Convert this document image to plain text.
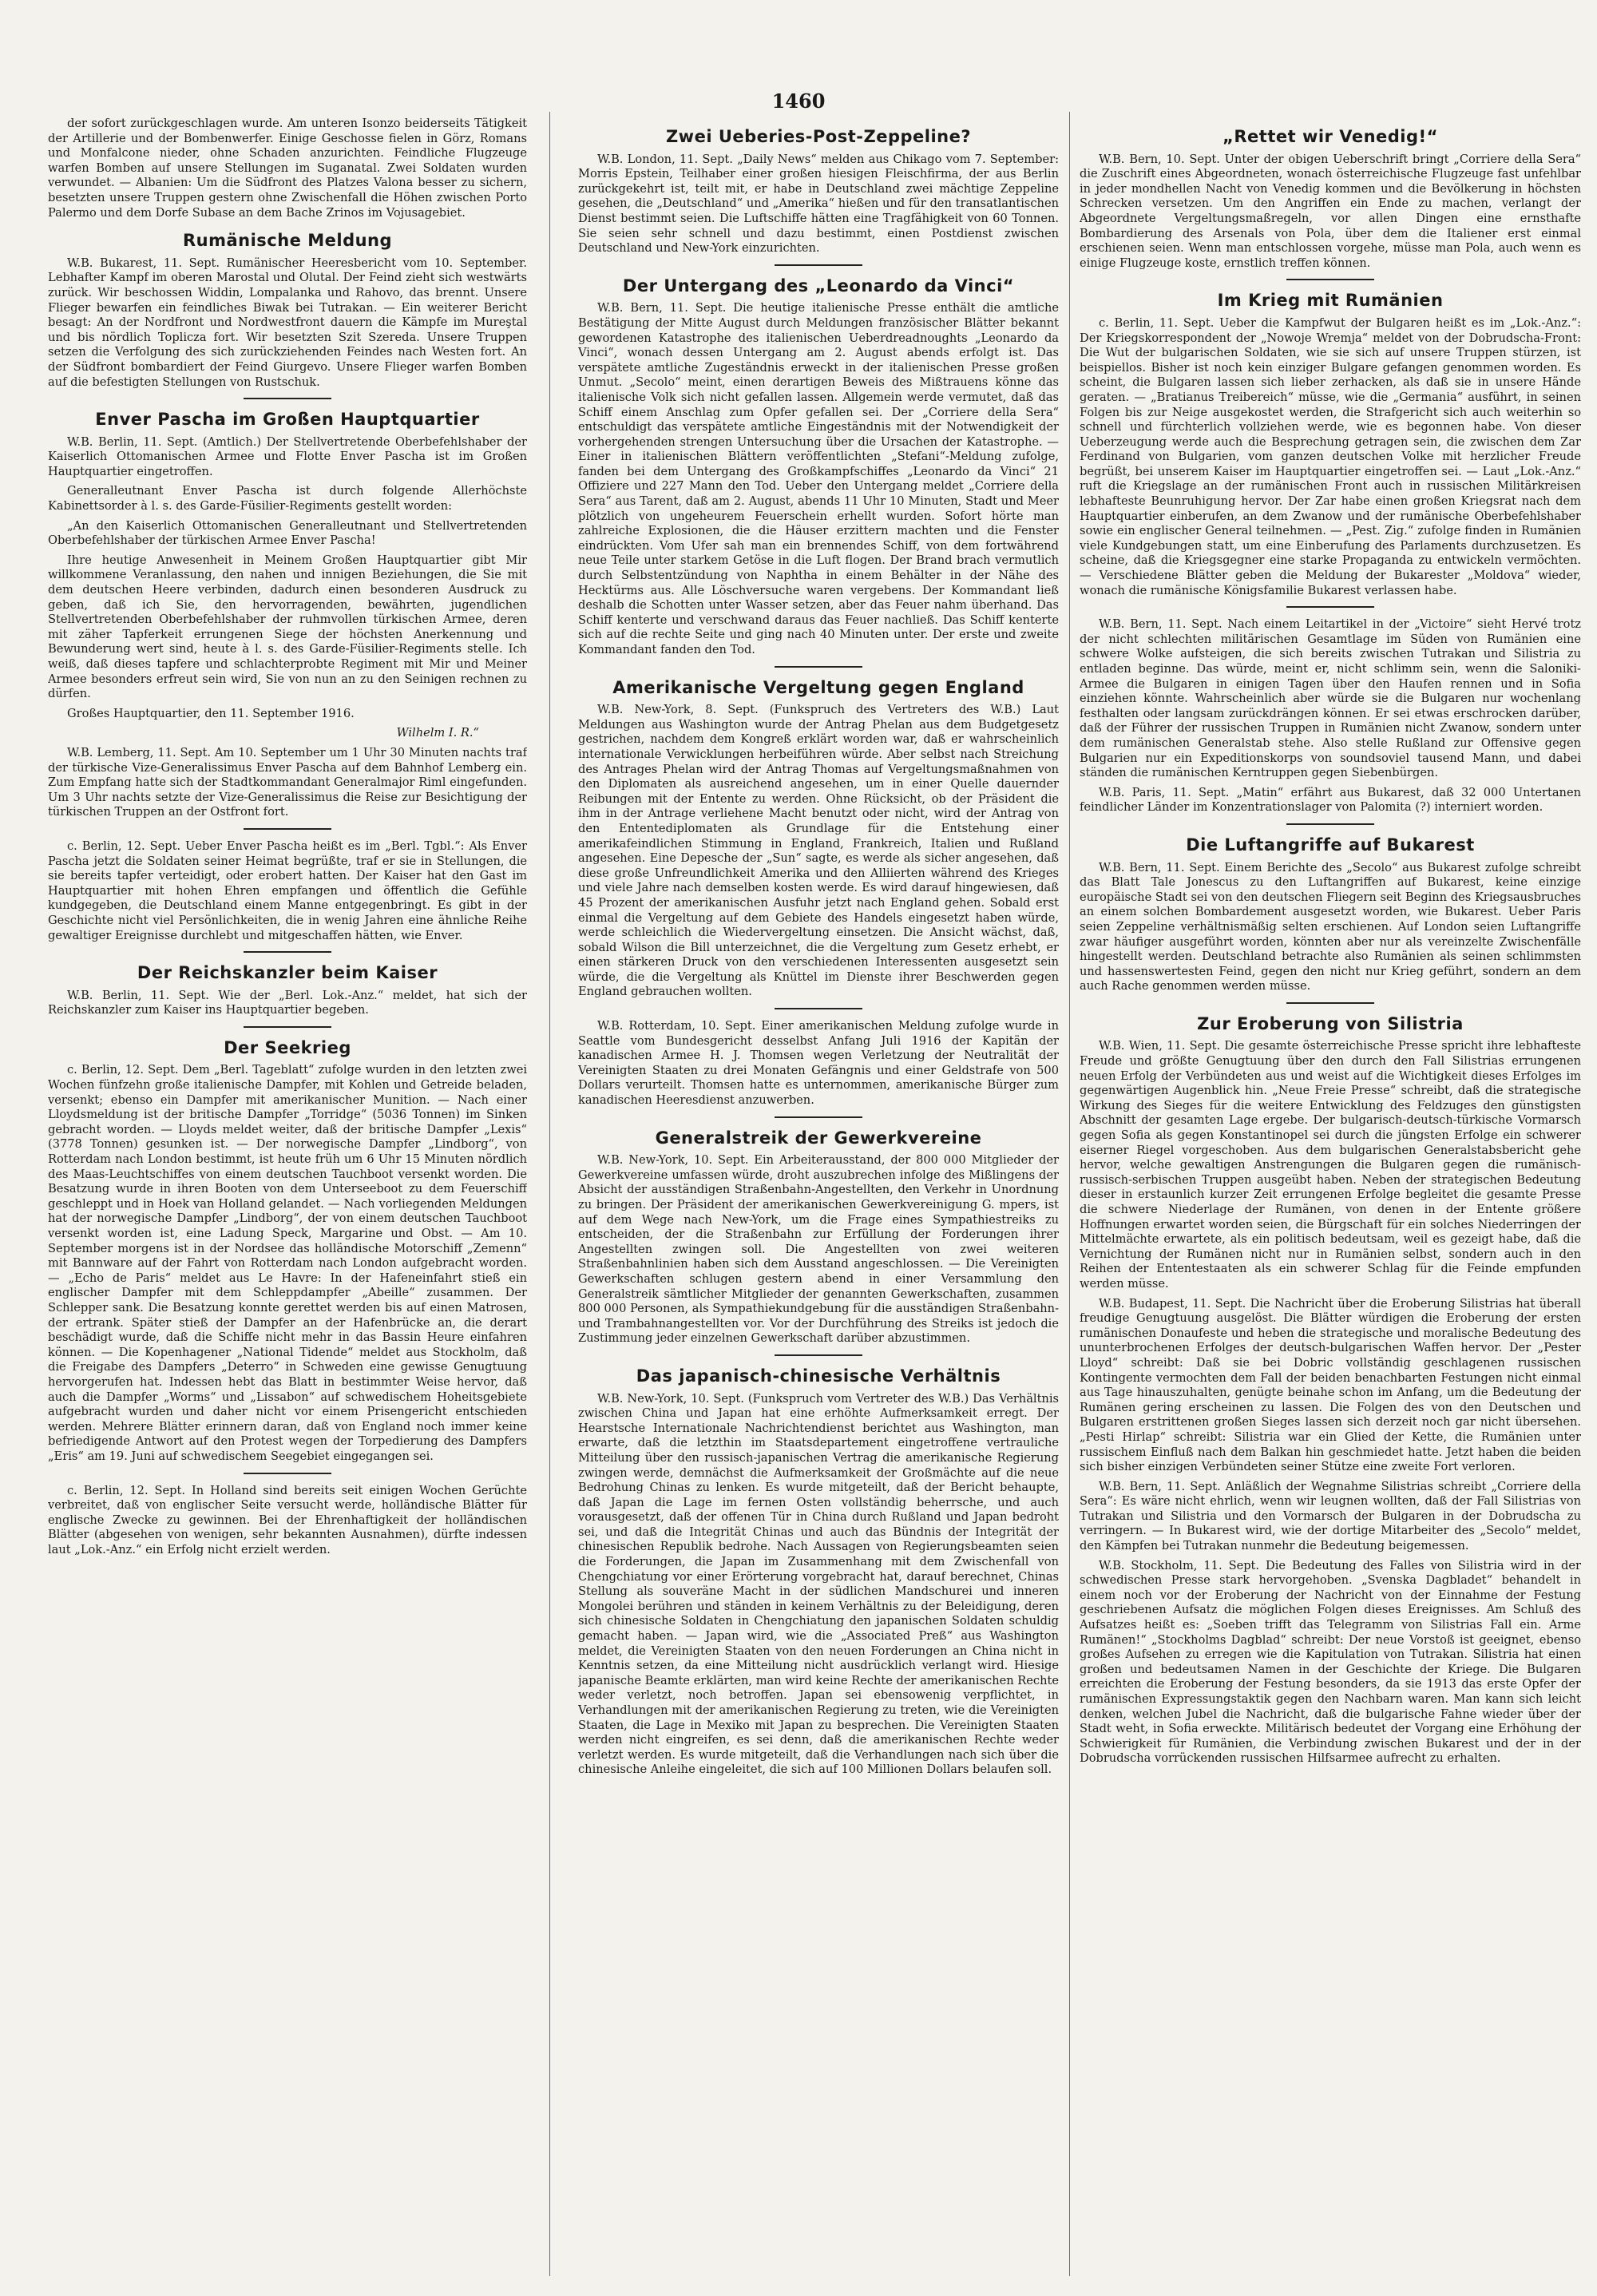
1460

der sofort zurückgeschlagen wurde. Am unteren Isonzo beiderseits Tätigkeit der Artillerie und der Bombenwerfer. Einige Geschosse fielen in Görz, Romans und Monfalcone nieder, ohne Schaden anzurichten. Feindliche Flugzeuge warfen Bomben auf unsere Stellungen im Suganatal. Zwei Soldaten wurden verwundet. — Albanien: Um die Südfront des Platzes Valona besser zu sichern, besetzten unsere Truppen gestern ohne Zwischenfall die Höhen zwischen Porto Palermo und dem Dorfe Subase an dem Bache Zrinos im Vojusagebiet.

Rumänische Meldung

W.B. Bukarest, 11. Sept. Rumänischer Heeresbericht vom 10. September. Lebhafter Kampf im oberen Marostal und Olutal. Der Feind zieht sich westwärts zurück. Wir beschossen Widdin, Lompalanka und Rahovo, das brennt. Unsere Flieger bewarfen ein feindliches Biwak bei Tutrakan. — Ein weiterer Bericht besagt: An der Nordfront und Nordwestfront dauern die Kämpfe im Mureştal und bis nördlich Toplicza fort. Wir besetzten Szit Szereda. Unsere Truppen setzen die Verfolgung des sich zurückziehenden Feindes nach Westen fort. An der Südfront bombardiert der Feind Giurgevo. Unsere Flieger warfen Bomben auf die befestigten Stellungen von Rustschuk.

Enver Pascha im Großen Hauptquartier

W.B. Berlin, 11. Sept. (Amtlich.) Der Stellvertretende Oberbefehlshaber der Kaiserlich Ottomanischen Armee und Flotte Enver Pascha ist im Großen Hauptquartier eingetroffen.

Generalleutnant Enver Pascha ist durch folgende Allerhöchste Kabinettsorder à l. s. des Garde-Füsilier-Regiments gestellt worden:

„An den Kaiserlich Ottomanischen Generalleutnant und Stellvertretenden Oberbefehlshaber der türkischen Armee Enver Pascha!

Ihre heutige Anwesenheit in Meinem Großen Hauptquartier gibt Mir willkommene Veranlassung, den nahen und innigen Beziehungen, die Sie mit dem deutschen Heere verbinden, dadurch einen besonderen Ausdruck zu geben, daß ich Sie, den hervorragenden, bewährten, jugendlichen Stellvertretenden Oberbefehlshaber der ruhmvollen türkischen Armee, deren mit zäher Tapferkeit errungenen Siege der höchsten Anerkennung und Bewunderung wert sind, heute à l. s. des Garde-Füsilier-Regiments stelle. Ich weiß, daß dieses tapfere und schlachterprobte Regiment mit Mir und Meiner Armee besonders erfreut sein wird, Sie von nun an zu den Seinigen rechnen zu dürfen.

Großes Hauptquartier, den 11. September 1916.

Wilhelm I. R.“

W.B. Lemberg, 11. Sept. Am 10. September um 1 Uhr 30 Minuten nachts traf der türkische Vize-Generalissimus Enver Pascha auf dem Bahnhof Lemberg ein. Zum Empfang hatte sich der Stadtkommandant Generalmajor Riml eingefunden. Um 3 Uhr nachts setzte der Vize-Generalissimus die Reise zur Besichtigung der türkischen Truppen an der Ostfront fort.

c. Berlin, 12. Sept. Ueber Enver Pascha heißt es im „Berl. Tgbl.“: Als Enver Pascha jetzt die Soldaten seiner Heimat begrüßte, traf er sie in Stellungen, die sie bereits tapfer verteidigt, oder erobert hatten. Der Kaiser hat den Gast im Hauptquartier mit hohen Ehren empfangen und öffentlich die Gefühle kundgegeben, die Deutschland einem Manne entgegenbringt. Es gibt in der Geschichte nicht viel Persönlichkeiten, die in wenig Jahren eine ähnliche Reihe gewaltiger Ereignisse durchlebt und mitgeschaffen hätten, wie Enver.

Der Reichskanzler beim Kaiser

W.B. Berlin, 11. Sept. Wie der „Berl. Lok.-Anz.“ meldet, hat sich der Reichskanzler zum Kaiser ins Hauptquartier begeben.

Der Seekrieg

c. Berlin, 12. Sept. Dem „Berl. Tageblatt“ zufolge wurden in den letzten zwei Wochen fünfzehn große italienische Dampfer, mit Kohlen und Getreide beladen, versenkt; ebenso ein Dampfer mit amerikanischer Munition. — Nach einer Lloydsmeldung ist der britische Dampfer „Torridge“ (5036 Tonnen) im Sinken gebracht worden. — Lloyds meldet weiter, daß der britische Dampfer „Lexis“ (3778 Tonnen) gesunken ist. — Der norwegische Dampfer „Lindborg“, von Rotterdam nach London bestimmt, ist heute früh um 6 Uhr 15 Minuten nördlich des Maas-Leuchtschiffes von einem deutschen Tauchboot versenkt worden. Die Besatzung wurde in ihren Booten von dem Unterseeboot zu dem Feuerschiff geschleppt und in Hoek van Holland gelandet. — Nach vorliegenden Meldungen hat der norwegische Dampfer „Lindborg“, der von einem deutschen Tauchboot versenkt worden ist, eine Ladung Speck, Margarine und Obst. — Am 10. September morgens ist in der Nordsee das holländische Motorschiff „Zemenn“ mit Bannware auf der Fahrt von Rotterdam nach London aufgebracht worden. — „Echo de Paris“ meldet aus Le Havre: In der Hafeneinfahrt stieß ein englischer Dampfer mit dem Schleppdampfer „Abeille“ zusammen. Der Schlepper sank. Die Besatzung konnte gerettet werden bis auf einen Matrosen, der ertrank. Später stieß der Dampfer an der Hafenbrücke an, die derart beschädigt wurde, daß die Schiffe nicht mehr in das Bassin Heure einfahren können. — Die Kopenhagener „National Tidende“ meldet aus Stockholm, daß die Freigabe des Dampfers „Deterro“ in Schweden eine gewisse Genugtuung hervorgerufen hat. Indessen hebt das Blatt in bestimmter Weise hervor, daß auch die Dampfer „Worms“ und „Lissabon“ auf schwedischem Hoheitsgebiete aufgebracht wurden und daher nicht vor einem Prisengericht entschieden werden. Mehrere Blätter erinnern daran, daß von England noch immer keine befriedigende Antwort auf den Protest wegen der Torpedierung des Dampfers „Eris“ am 19. Juni auf schwedischem Seegebiet eingegangen sei.

c. Berlin, 12. Sept. In Holland sind bereits seit einigen Wochen Gerüchte verbreitet, daß von englischer Seite versucht werde, holländische Blätter für englische Zwecke zu gewinnen. Bei der Ehrenhaftigkeit der holländischen Blätter (abgesehen von wenigen, sehr bekannten Ausnahmen), dürfte indessen laut „Lok.-Anz.“ ein Erfolg nicht erzielt werden.

Zwei Ueberies-Post-Zeppeline?

W.B. London, 11. Sept. „Daily News“ melden aus Chikago vom 7. September: Morris Epstein, Teilhaber einer großen hiesigen Fleischfirma, der aus Berlin zurückgekehrt ist, teilt mit, er habe in Deutschland zwei mächtige Zeppeline gesehen, die „Deutschland“ und „Amerika“ hießen und für den transatlantischen Dienst bestimmt seien. Die Luftschiffe hätten eine Tragfähigkeit von 60 Tonnen. Sie seien sehr schnell und dazu bestimmt, einen Postdienst zwischen Deutschland und New-York einzurichten.

Der Untergang des „Leonardo da Vinci“

W.B. Bern, 11. Sept. Die heutige italienische Presse enthält die amtliche Bestätigung der Mitte August durch Meldungen französischer Blätter bekannt gewordenen Katastrophe des italienischen Ueberdreadnoughts „Leonardo da Vinci“, wonach dessen Untergang am 2. August abends erfolgt ist. Das verspätete amtliche Zugeständnis erweckt in der italienischen Presse großen Unmut. „Secolo“ meint, einen derartigen Beweis des Mißtrauens könne das italienische Volk sich nicht gefallen lassen. Allgemein werde vermutet, daß das Schiff einem Anschlag zum Opfer gefallen sei. Der „Corriere della Sera“ entschuldigt das verspätete amtliche Eingeständnis mit der Notwendigkeit der vorhergehenden strengen Untersuchung über die Ursachen der Katastrophe. — Einer in italienischen Blättern veröffentlichten „Stefani“-Meldung zufolge, fanden bei dem Untergang des Großkampfschiffes „Leonardo da Vinci“ 21 Offiziere und 227 Mann den Tod. Ueber den Untergang meldet „Corriere della Sera“ aus Tarent, daß am 2. August, abends 11 Uhr 10 Minuten, Stadt und Meer plötzlich von ungeheurem Feuerschein erhellt wurden. Sofort hörte man zahlreiche Explosionen, die die Häuser erzittern machten und die Fenster eindrückten. Vom Ufer sah man ein brennendes Schiff, von dem fortwährend neue Teile unter starkem Getöse in die Luft flogen. Der Brand brach vermutlich durch Selbstentzündung von Naphtha in einem Behälter in der Nähe des Hecktürms aus. Alle Löschversuche waren vergebens. Der Kommandant ließ deshalb die Schotten unter Wasser setzen, aber das Feuer nahm überhand. Das Schiff kenterte und verschwand daraus das Feuer nachließ. Das Schiff kenterte sich auf die rechte Seite und ging nach 40 Minuten unter. Der erste und zweite Kommandant fanden den Tod.

Amerikanische Vergeltung gegen England

W.B. New-York, 8. Sept. (Funkspruch des Vertreters des W.B.) Laut Meldungen aus Washington wurde der Antrag Phelan aus dem Budgetgesetz gestrichen, nachdem dem Kongreß erklärt worden war, daß er wahrscheinlich internationale Verwicklungen herbeiführen würde. Aber selbst nach Streichung des Antrages Phelan wird der Antrag Thomas auf Vergeltungsmaßnahmen von den Diplomaten als ausreichend angesehen, um in einer Quelle dauernder Reibungen mit der Entente zu werden. Ohne Rücksicht, ob der Präsident die ihm in der Antrage verliehene Macht benutzt oder nicht, wird der Antrag von den Ententediplomaten als Grundlage für die Entstehung einer amerikafeindlichen Stimmung in England, Frankreich, Italien und Rußland angesehen. Eine Depesche der „Sun“ sagte, es werde als sicher angesehen, daß diese große Unfreundlichkeit Amerika und den Alliierten während des Krieges und viele Jahre nach demselben kosten werde. Es wird darauf hingewiesen, daß 45 Prozent der amerikanischen Ausfuhr jetzt nach England gehen. Sobald erst einmal die Vergeltung auf dem Gebiete des Handels eingesetzt haben würde, werde schleichlich die Wiedervergeltung einsetzen. Die Ansicht wächst, daß, sobald Wilson die Bill unterzeichnet, die die Vergeltung zum Gesetz erhebt, er einen stärkeren Druck von den verschiedenen Interessenten ausgesetzt sein würde, die die Vergeltung als Knüttel im Dienste ihrer Beschwerden gegen England gebrauchen wollten.

W.B. Rotterdam, 10. Sept. Einer amerikanischen Meldung zufolge wurde in Seattle vom Bundesgericht desselbst Anfang Juli 1916 der Kapitän der kanadischen Armee H. J. Thomsen wegen Verletzung der Neutralität der Vereinigten Staaten zu drei Monaten Gefängnis und einer Geldstrafe von 500 Dollars verurteilt. Thomsen hatte es unternommen, amerikanische Bürger zum kanadischen Heeresdienst anzuwerben.

Generalstreik der Gewerkvereine

W.B. New-York, 10. Sept. Ein Arbeiterausstand, der 800 000 Mitglieder der Gewerkvereine umfassen würde, droht auszubrechen infolge des Mißlingens der Absicht der ausständigen Straßenbahn-Angestellten, den Verkehr in Unordnung zu bringen. Der Präsident der amerikanischen Gewerkvereinigung G. mpers, ist auf dem Wege nach New-York, um die Frage eines Sympathiestreiks zu entscheiden, der die Straßenbahn zur Erfüllung der Forderungen ihrer Angestellten zwingen soll. Die Angestellten von zwei weiteren Straßenbahnlinien haben sich dem Ausstand angeschlossen. — Die Vereinigten Gewerkschaften schlugen gestern abend in einer Versammlung den Generalstreik sämtlicher Mitglieder der genannten Gewerkschaften, zusammen 800 000 Personen, als Sympathiekundgebung für die ausständigen Straßenbahn- und Trambahnangestellten vor. Vor der Durchführung des Streiks ist jedoch die Zustimmung jeder einzelnen Gewerkschaft darüber abzustimmen.

Das japanisch-chinesische Verhältnis

W.B. New-York, 10. Sept. (Funkspruch vom Vertreter des W.B.) Das Verhältnis zwischen China und Japan hat eine erhöhte Aufmerksamkeit erregt. Der Hearstsche Internationale Nachrichtendienst berichtet aus Washington, man erwarte, daß die letzthin im Staatsdepartement eingetroffene vertrauliche Mitteilung über den russisch-japanischen Vertrag die amerikanische Regierung zwingen werde, demnächst die Aufmerksamkeit der Großmächte auf die neue Bedrohung Chinas zu lenken. Es wurde mitgeteilt, daß der Bericht behaupte, daß Japan die Lage im fernen Osten vollständig beherrsche, und auch vorausgesetzt, daß der offenen Tür in China durch Rußland und Japan bedroht sei, und daß die Integrität Chinas und auch das Bündnis der Integrität der chinesischen Republik bedrohe. Nach Aussagen von Regierungsbeamten seien die Forderungen, die Japan im Zusammenhang mit dem Zwischenfall von Chengchiatung vor einer Erörterung vorgebracht hat, darauf berechnet, Chinas Stellung als souveräne Macht in der südlichen Mandschurei und inneren Mongolei berühren und ständen in keinem Verhältnis zu der Beleidigung, deren sich chinesische Soldaten in Chengchiatung den japanischen Soldaten schuldig gemacht haben. — Japan wird, wie die „Associated Preß“ aus Washington meldet, die Vereinigten Staaten von den neuen Forderungen an China nicht in Kenntnis setzen, da eine Mitteilung nicht ausdrücklich verlangt wird. Hiesige japanische Beamte erklärten, man wird keine Rechte der amerikanischen Rechte weder verletzt, noch betroffen. Japan sei ebensowenig verpflichtet, in Verhandlungen mit der amerikanischen Regierung zu treten, wie die Vereinigten Staaten, die Lage in Mexiko mit Japan zu besprechen. Die Vereinigten Staaten werden nicht eingreifen, es sei denn, daß die amerikanischen Rechte weder verletzt werden. Es wurde mitgeteilt, daß die Verhandlungen nach sich über die chinesische Anleihe eingeleitet, die sich auf 100 Millionen Dollars belaufen soll.

„Rettet wir Venedig!“

W.B. Bern, 10. Sept. Unter der obigen Ueberschrift bringt „Corriere della Sera“ die Zuschrift eines Abgeordneten, wonach österreichische Flugzeuge fast unfehlbar in jeder mondhellen Nacht von Venedig kommen und die Bevölkerung in höchsten Schrecken versetzen. Um den Angriffen ein Ende zu machen, verlangt der Abgeordnete Vergeltungsmaßregeln, vor allen Dingen eine ernsthafte Bombardierung des Arsenals von Pola, über dem die Italiener erst einmal erschienen seien. Wenn man entschlossen vorgehe, müsse man Pola, auch wenn es einige Flugzeuge koste, ernstlich treffen können.

Im Krieg mit Rumänien

c. Berlin, 11. Sept. Ueber die Kampfwut der Bulgaren heißt es im „Lok.-Anz.“: Der Kriegskorrespondent der „Nowoje Wremja“ meldet von der Dobrudscha-Front: Die Wut der bulgarischen Soldaten, wie sie sich auf unsere Truppen stürzen, ist beispiellos. Bisher ist noch kein einziger Bulgare gefangen genommen worden. Es scheint, die Bulgaren lassen sich lieber zerhacken, als daß sie in unsere Hände geraten. — „Bratianus Treibereich“ müsse, wie die „Germania“ ausführt, in seinen Folgen bis zur Neige ausgekostet werden, die Strafgericht sich auch weiterhin so schnell und fürchterlich vollziehen werde, wie es begonnen habe. Von dieser Ueberzeugung werde auch die Besprechung getragen sein, die zwischen dem Zar Ferdinand von Bulgarien, vom ganzen deutschen Volke mit herzlicher Freude begrüßt, bei unserem Kaiser im Hauptquartier eingetroffen sei. — Laut „Lok.-Anz.“ ruft die Kriegslage an der rumänischen Front auch in russischen Militärkreisen lebhafteste Beunruhigung hervor. Der Zar habe einen großen Kriegsrat nach dem Hauptquartier einberufen, an dem Zwanow und der rumänische Oberbefehlshaber sowie ein englischer General teilnehmen. — „Pest. Zig.“ zufolge finden in Rumänien viele Kundgebungen statt, um eine Einberufung des Parlaments durchzusetzen. Es scheine, daß die Kriegsgegner eine starke Propaganda zu entwickeln vermöchten. — Verschiedene Blätter geben die Meldung der Bukarester „Moldova“ wieder, wonach die rumänische Königsfamilie Bukarest verlassen habe.

W.B. Bern, 11. Sept. Nach einem Leitartikel in der „Victoire“ sieht Hervé trotz der nicht schlechten militärischen Gesamtlage im Süden von Rumänien eine schwere Wolke aufsteigen, die sich bereits zwischen Tutrakan und Silistria zu entladen beginne. Das würde, meint er, nicht schlimm sein, wenn die Saloniki-Armee die Bulgaren in einigen Tagen über den Haufen rennen und in Sofia einziehen könnte. Wahrscheinlich aber würde sie die Bulgaren nur wochenlang festhalten oder langsam zurückdrängen können. Er sei etwas erschrocken darüber, daß der Führer der russischen Truppen in Rumänien nicht Zwanow, sondern unter dem rumänischen Generalstab stehe. Also stelle Rußland zur Offensive gegen Bulgarien nur ein Expeditionskorps von soundsoviel tausend Mann, und dabei ständen die rumänischen Kerntruppen gegen Siebenbürgen.

W.B. Paris, 11. Sept. „Matin“ erfährt aus Bukarest, daß 32 000 Untertanen feindlicher Länder im Konzentrationslager von Palomita (?) interniert worden.

Die Luftangriffe auf Bukarest

W.B. Bern, 11. Sept. Einem Berichte des „Secolo“ aus Bukarest zufolge schreibt das Blatt Tale Jonescus zu den Luftangriffen auf Bukarest, keine einzige europäische Stadt sei von den deutschen Fliegern seit Beginn des Kriegsausbruches an einem solchen Bombardement ausgesetzt worden, wie Bukarest. Ueber Paris seien Zeppeline verhältnismäßig selten erschienen. Auf London seien Luftangriffe zwar häufiger ausgeführt worden, könnten aber nur als vereinzelte Zwischenfälle hingestellt werden. Deutschland betrachte also Rumänien als seinen schlimmsten und hassenswertesten Feind, gegen den nicht nur Krieg geführt, sondern an dem auch Rache genommen werden müsse.

Zur Eroberung von Silistria

W.B. Wien, 11. Sept. Die gesamte österreichische Presse spricht ihre lebhafteste Freude und größte Genugtuung über den durch den Fall Silistrias errungenen neuen Erfolg der Verbündeten aus und weist auf die Wichtigkeit dieses Erfolges im gegenwärtigen Augenblick hin. „Neue Freie Presse“ schreibt, daß die strategische Wirkung des Sieges für die weitere Entwicklung des Feldzuges den günstigsten Abschnitt der gesamten Lage ergebe. Der bulgarisch-deutsch-türkische Vormarsch gegen Sofia als gegen Konstantinopel sei durch die jüngsten Erfolge ein schwerer eiserner Riegel vorgeschoben. Aus dem bulgarischen Generalstabsbericht gehe hervor, welche gewaltigen Anstrengungen die Bulgaren gegen die rumänisch-russisch-serbischen Truppen ausgeübt haben. Neben der strategischen Bedeutung dieser in erstaunlich kurzer Zeit errungenen Erfolge begleitet die gesamte Presse die schwere Niederlage der Rumänen, von denen in der Entente größere Hoffnungen erwartet worden seien, die Bürgschaft für ein solches Niederringen der Mittelmächte erwartete, als ein politisch bedeutsam, weil es gezeigt habe, daß die Vernichtung der Rumänen nicht nur in Rumänien selbst, sondern auch in den Reihen der Ententestaaten als ein schwerer Schlag für die Feinde empfunden werden müsse.

W.B. Budapest, 11. Sept. Die Nachricht über die Eroberung Silistrias hat überall freudige Genugtuung ausgelöst. Die Blätter würdigen die Eroberung der ersten rumänischen Donaufeste und heben die strategische und moralische Bedeutung des ununterbrochenen Erfolges der deutsch-bulgarischen Waffen hervor. Der „Pester Lloyd“ schreibt: Daß sie bei Dobric vollständig geschlagenen russischen Kontingente vermochten dem Fall der beiden benachbarten Festungen nicht einmal aus Tage hinauszuhalten, genügte beinahe schon im Anfang, um die Bedeutung der Rumänen gering erscheinen zu lassen. Die Folgen des von den Deutschen und Bulgaren erstrittenen großen Sieges lassen sich derzeit noch gar nicht übersehen. „Pesti Hirlap“ schreibt: Silistria war ein Glied der Kette, die Rumänien unter russischem Einfluß nach dem Balkan hin geschmiedet hatte. Jetzt haben die beiden sich bisher einzigen Verbündeten seiner Stütze eine zweite Fort verloren.

W.B. Bern, 11. Sept. Anläßlich der Wegnahme Silistrias schreibt „Corriere della Sera“: Es wäre nicht ehrlich, wenn wir leugnen wollten, daß der Fall Silistrias von Tutrakan und Silistria und den Vormarsch der Bulgaren in der Dobrudscha zu verringern. — In Bukarest wird, wie der dortige Mitarbeiter des „Secolo“ meldet, den Kämpfen bei Tutrakan nunmehr die Bedeutung beigemessen.

W.B. Stockholm, 11. Sept. Die Bedeutung des Falles von Silistria wird in der schwedischen Presse stark hervorgehoben. „Svenska Dagbladet“ behandelt in einem noch vor der Eroberung der Nachricht von der Einnahme der Festung geschriebenen Aufsatz die möglichen Folgen dieses Ereignisses. Am Schluß des Aufsatzes heißt es: „Soeben trifft das Telegramm von Silistrias Fall ein. Arme Rumänen!“ „Stockholms Dagblad“ schreibt: Der neue Vorstoß ist geeignet, ebenso großes Aufsehen zu erregen wie die Kapitulation von Tutrakan. Silistria hat einen großen und bedeutsamen Namen in der Geschichte der Kriege. Die Bulgaren erreichten die Eroberung der Festung besonders, da sie 1913 das erste Opfer der rumänischen Expressungstaktik gegen den Nachbarn waren. Man kann sich leicht denken, welchen Jubel die Nachricht, daß die bulgarische Fahne wieder über der Stadt weht, in Sofia erweckte. Militärisch bedeutet der Vorgang eine Erhöhung der Schwierigkeit für Rumänien, die Verbindung zwischen Bukarest und der in der Dobrudscha vorrückenden russischen Hilfsarmee aufrecht zu erhalten.
